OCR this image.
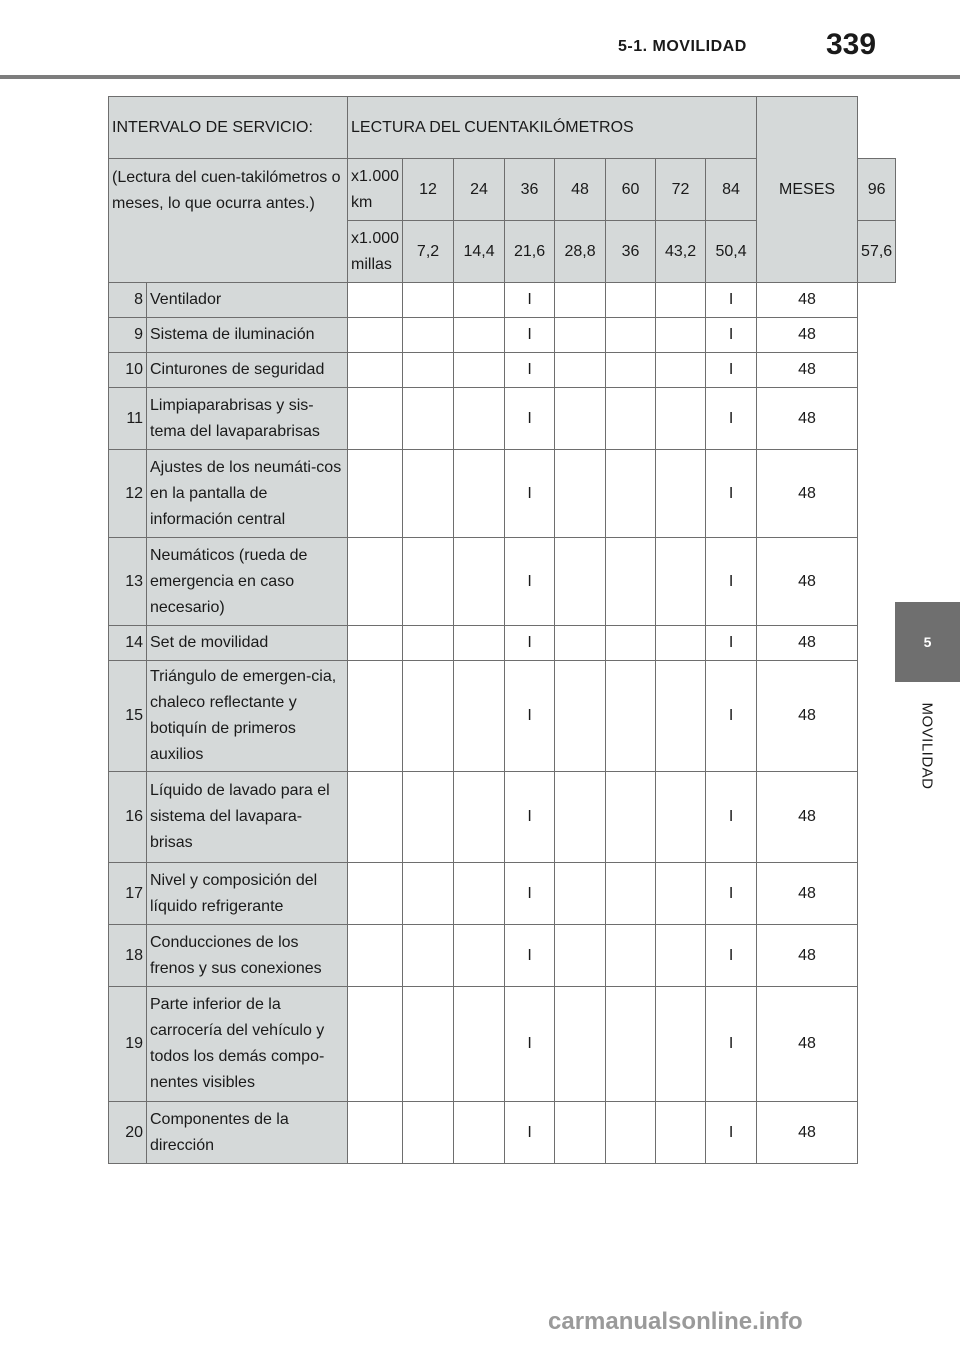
5-1. MOVILIDAD	339
5
MOVILIDAD
INTERVALO DE SERVICIO:		LECTURA DEL CUENTAKILÓMETROS								MESES	
(Lectura del cuen-takilómetros o meses, lo que ocurra antes.)		x1.000 km	12	24	36	48	60	72	84		96
		x1.000 millas	7,2	14,4	21,6	28,8	36	43,2	50,4		57,6
8	Ventilador				I				I	48	
9	Sistema de iluminación				I				I	48	
10	Cinturones de seguridad				I				I	48	
11	Limpiaparabrisas y sis-tema del lavaparabrisas				I				I	48	
12	Ajustes de los neumáti-cos en la pantalla de información central				I				I	48	
13	Neumáticos (rueda de emergencia en caso necesario)				I				I	48	
14	Set de movilidad				I				I	48	
15	Triángulo de emergen-cia, chaleco reflectante y botiquín de primeros auxilios				I				I	48	
16	Líquido de lavado para el sistema del lavapara-brisas				I				I	48	
17	Nivel y composición del líquido refrigerante				I				I	48	
18	Conducciones de los frenos y sus conexiones				I				I	48	
19	Parte inferior de la carrocería del vehículo y todos los demás compo-nentes visibles				I				I	48	
20	Componentes de la dirección				I				I	48	
carmanualsonline.info
